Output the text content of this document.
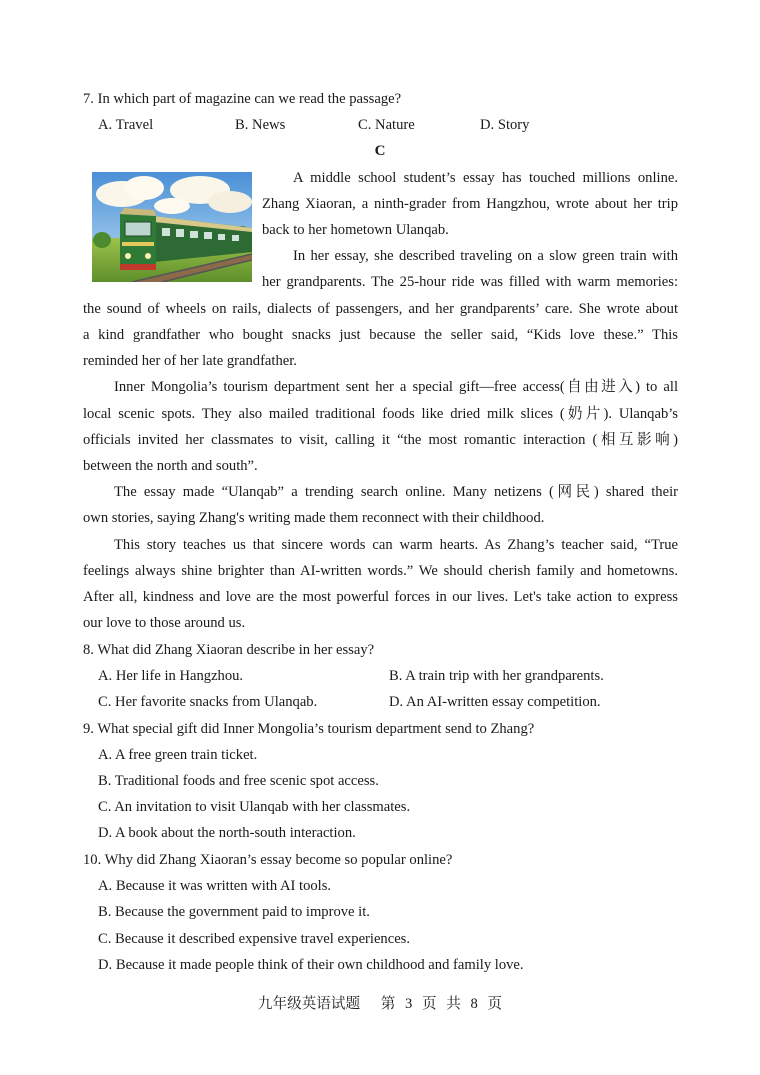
7. In which part of magazine can we read the passage?
A. Travel	B. News	C. Nature	D. Story
C
A middle school student’s essay has touched millions online.
Zhang Xiaoran, a ninth-grader from Hangzhou, wrote about her trip
back to her hometown Ulanqab.
In her essay, she described traveling on a slow green train with
her grandparents. The 25-hour ride was filled with warm memories:
the sound of wheels on rails, dialects of passengers, and her grandparents’ care. She wrote about
a kind grandfather who bought snacks just because the seller said, “Kids love these.” This
reminded her of her late grandfather.
Inner Mongolia’s tourism department sent her a special gift—free access(自由进入) to all
local scenic spots. They also mailed traditional foods like dried milk slices (奶片). Ulanqab’s
officials invited her classmates to visit, calling it “the most romantic interaction (相互影响)
between the north and south”.
The essay made “Ulanqab” a trending search online. Many netizens (网民) shared their
own stories, saying Zhang's writing made them reconnect with their childhood.
This story teaches us that sincere words can warm hearts. As Zhang’s teacher said, “True
feelings always shine brighter than AI-written words.” We should cherish family and hometowns.
After all, kindness and love are the most powerful forces in our lives. Let's take action to express
our love to those around us.
8. What did Zhang Xiaoran describe in her essay?
A. Her life in Hangzhou.	B. A train trip with her grandparents.
C. Her favorite snacks from Ulanqab.	D. An AI-written essay competition.
9. What special gift did Inner Mongolia’s tourism department send to Zhang?
A. A free green train ticket.
B. Traditional foods and free scenic spot access.
C. An invitation to visit Ulanqab with her classmates.
D. A book about the north-south interaction.
10. Why did Zhang Xiaoran’s essay become so popular online?
A. Because it was written with AI tools.
B. Because the government paid to improve it.
C. Because it described expensive travel experiences.
D. Because it made people think of their own childhood and family love.
九年级英语试题 第 3 页 共 8 页
